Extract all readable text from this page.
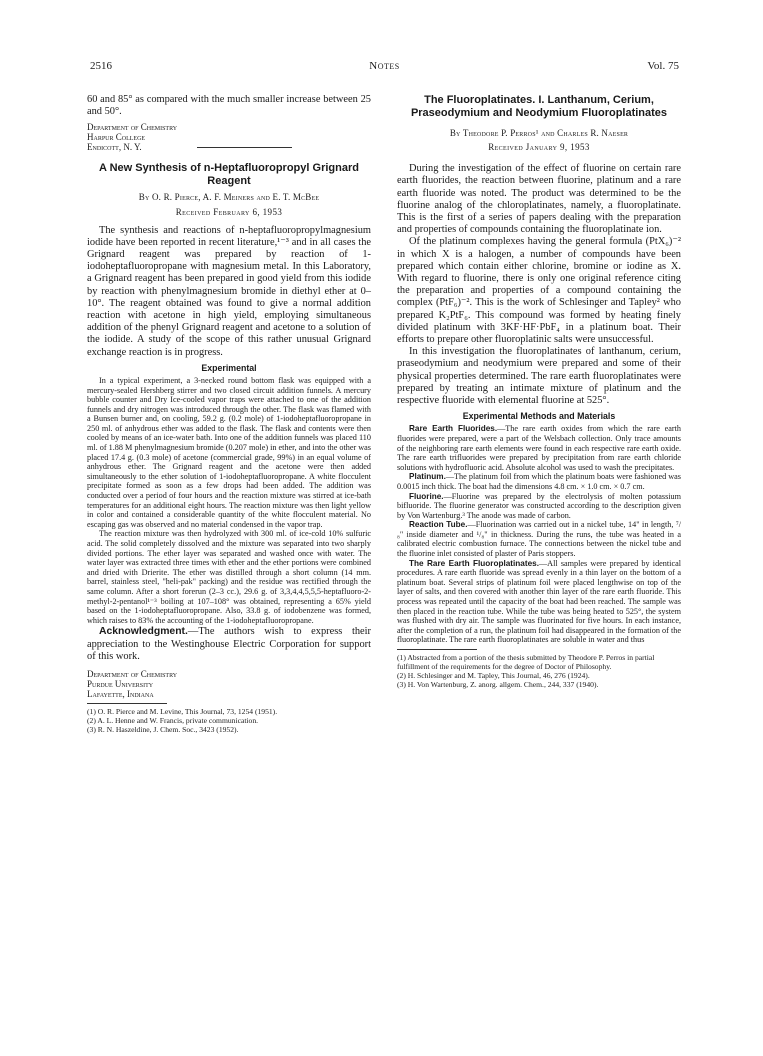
2516	Notes	Vol. 75

60 and 85° as compared with the much smaller increase between 25 and 50°.

Department of Chemistry
Harpur College
Endicott, N. Y.

A New Synthesis of n-Heptafluoropropyl Grignard Reagent

By O. R. Pierce, A. F. Meiners and E. T. McBee
Received February 6, 1953

The synthesis and reactions of n-heptafluoropropylmagnesium iodide have been reported in recent literature,¹⁻³ and in all cases the Grignard reagent was prepared by reaction of 1-iodoheptafluoropropane with magnesium metal. In this Laboratory, a Grignard reagent has been prepared in good yield from this iodide by reaction with phenylmagnesium bromide in diethyl ether at 0–10°. The reagent obtained was found to give a normal addition reaction with acetone in high yield, employing simultaneous addition of the phenyl Grignard reagent and acetone to a solution of the iodide. A study of the scope of this rather unusual Grignard exchange reaction is in progress.

Experimental

In a typical experiment, a 3-necked round bottom flask was equipped with a mercury-sealed Hershberg stirrer and two closed circuit addition funnels. A mercury bubble counter and Dry Ice-cooled vapor traps were attached to one of the addition funnels and dry nitrogen was introduced through the other. The flask was flamed with a Bunsen burner and, on cooling, 59.2 g. (0.2 mole) of 1-iodoheptafluoropropane in 250 ml. of anhydrous ether was added to the flask. The flask and contents were then cooled by means of an ice-water bath. Into one of the addition funnels was placed 110 ml. of 1.88 M phenylmagnesium bromide (0.207 mole) in ether, and into the other was placed 17.4 g. (0.3 mole) of acetone (commercial grade, 99%) in an equal volume of anhydrous ether. The Grignard reagent and the acetone were then added simultaneously to the ether solution of 1-iodoheptafluoropropane. A white flocculent precipitate formed as soon as a few drops had been added. The addition was conducted over a period of four hours and the reaction mixture was stirred at ice-bath temperatures for an additional eight hours. The reaction mixture was then light yellow in color and contained a considerable quantity of the white flocculent material. No escaping gas was observed and no material condensed in the vapor trap.

The reaction mixture was then hydrolyzed with 300 ml. of ice-cold 10% sulfuric acid. The solid completely dissolved and the mixture was separated into two sharply divided portions. The ether layer was separated and washed once with water. The water layer was extracted three times with ether and the ether portions were combined and dried with Drierite. The ether was distilled through a short column (14 mm. barrel, stainless steel, "heli-pak" packing) and the residue was rectified through the same column. After a short forerun (2–3 cc.), 29.6 g. of 3,3,4,4,5,5,5-heptafluoro-2-methyl-2-pentanol¹⁻³ boiling at 107–108° was obtained, representing a 65% yield based on the 1-iodoheptafluoropropane. Also, 33.8 g. of iodobenzene was formed, which raises to 83% the accounting of the 1-iodoheptafluoropropane.

Acknowledgment.—The authors wish to express their appreciation to the Westinghouse Electric Corporation for support of this work.

Department of Chemistry
Purdue University
Lafayette, Indiana
(1) O. R. Pierce and M. Levine, This Journal, 73, 1254 (1951).
(2) A. L. Henne and W. Francis, private communication.
(3) R. N. Haszeldine, J. Chem. Soc., 3423 (1952).

The Fluoroplatinates. I. Lanthanum, Cerium, Praseodymium and Neodymium Fluoroplatinates

By Theodore P. Perros¹ and Charles R. Naeser
Received January 9, 1953

During the investigation of the effect of fluorine on certain rare earth fluorides, the reaction between fluorine, platinum and a rare earth fluoride was noted. The product was determined to be the fluorine analog of the chloroplatinates, namely, a fluoroplatinate. This is the first of a series of papers dealing with the preparation and properties of compounds containing the fluoroplatinate ion.

Of the platinum complexes having the general formula (PtX₆)⁻² in which X is a halogen, a number of compounds have been prepared which contain either chlorine, bromine or iodine as X. With regard to fluorine, there is only one original reference citing the preparation and properties of a compound containing the complex (PtF₆)⁻². This is the work of Schlesinger and Tapley² who prepared K₂PtF₆. This compound was formed by heating finely divided platinum with 3KF·HF·PbF₄ in a platinum boat. Their efforts to prepare other fluoroplatinic salts were unsuccessful.

In this investigation the fluoroplatinates of lanthanum, cerium, praseodymium and neodymium were prepared and some of their physical properties determined. The rare earth fluoroplatinates were prepared by treating an intimate mixture of platinum and the respective fluoride with elemental fluorine at 525°.

Experimental Methods and Materials

Rare Earth Fluorides.—The rare earth oxides from which the rare earth fluorides were prepared, were a part of the Welsbach collection. Only trace amounts of the neighboring rare earth elements were found in each respective rare earth oxide. The rare earth trifluorides were prepared by precipitation from rare earth chloride solutions with hydrofluoric acid. Absolute alcohol was used to wash the precipitates.

Platinum.—The platinum foil from which the platinum boats were fashioned was 0.0015 inch thick. The boat had the dimensions 4.8 cm. × 1.0 cm. × 0.7 cm.

Fluorine.—Fluorine was prepared by the electrolysis of molten potassium bifluoride. The fluorine generator was constructed according to the description given by Von Wartenburg.³ The anode was made of carbon.

Reaction Tube.—Fluorination was carried out in a nickel tube, 14" in length, ⁷/₈" inside diameter and ¹/₈" in thickness. During the runs, the tube was heated in a calibrated electric combustion furnace. The connections between the nickel tube and the fluorine inlet consisted of plaster of Paris stoppers.

The Rare Earth Fluoroplatinates.—All samples were prepared by identical procedures. A rare earth fluoride was spread evenly in a thin layer on the bottom of a platinum boat. Several strips of platinum foil were placed lengthwise on top of the layer of salts, and then covered with another thin layer of the rare earth fluoride. This process was repeated until the capacity of the boat had been reached. The sample was then placed in the reaction tube. While the tube was being heated to 525°, the system was flushed with dry air. The sample was fluorinated for five hours. In each instance, after the completion of a run, the platinum foil had disappeared in the formation of the fluoroplatinate. The rare earth fluoroplatinates are soluble in water and thus

(1) Abstracted from a portion of the thesis submitted by Theodore P. Perros in partial fulfillment of the requirements for the degree of Doctor of Philosophy.
(2) H. Schlesinger and M. Tapley, This Journal, 46, 276 (1924).
(3) H. Von Wartenburg, Z. anorg. allgem. Chem., 244, 337 (1940).
